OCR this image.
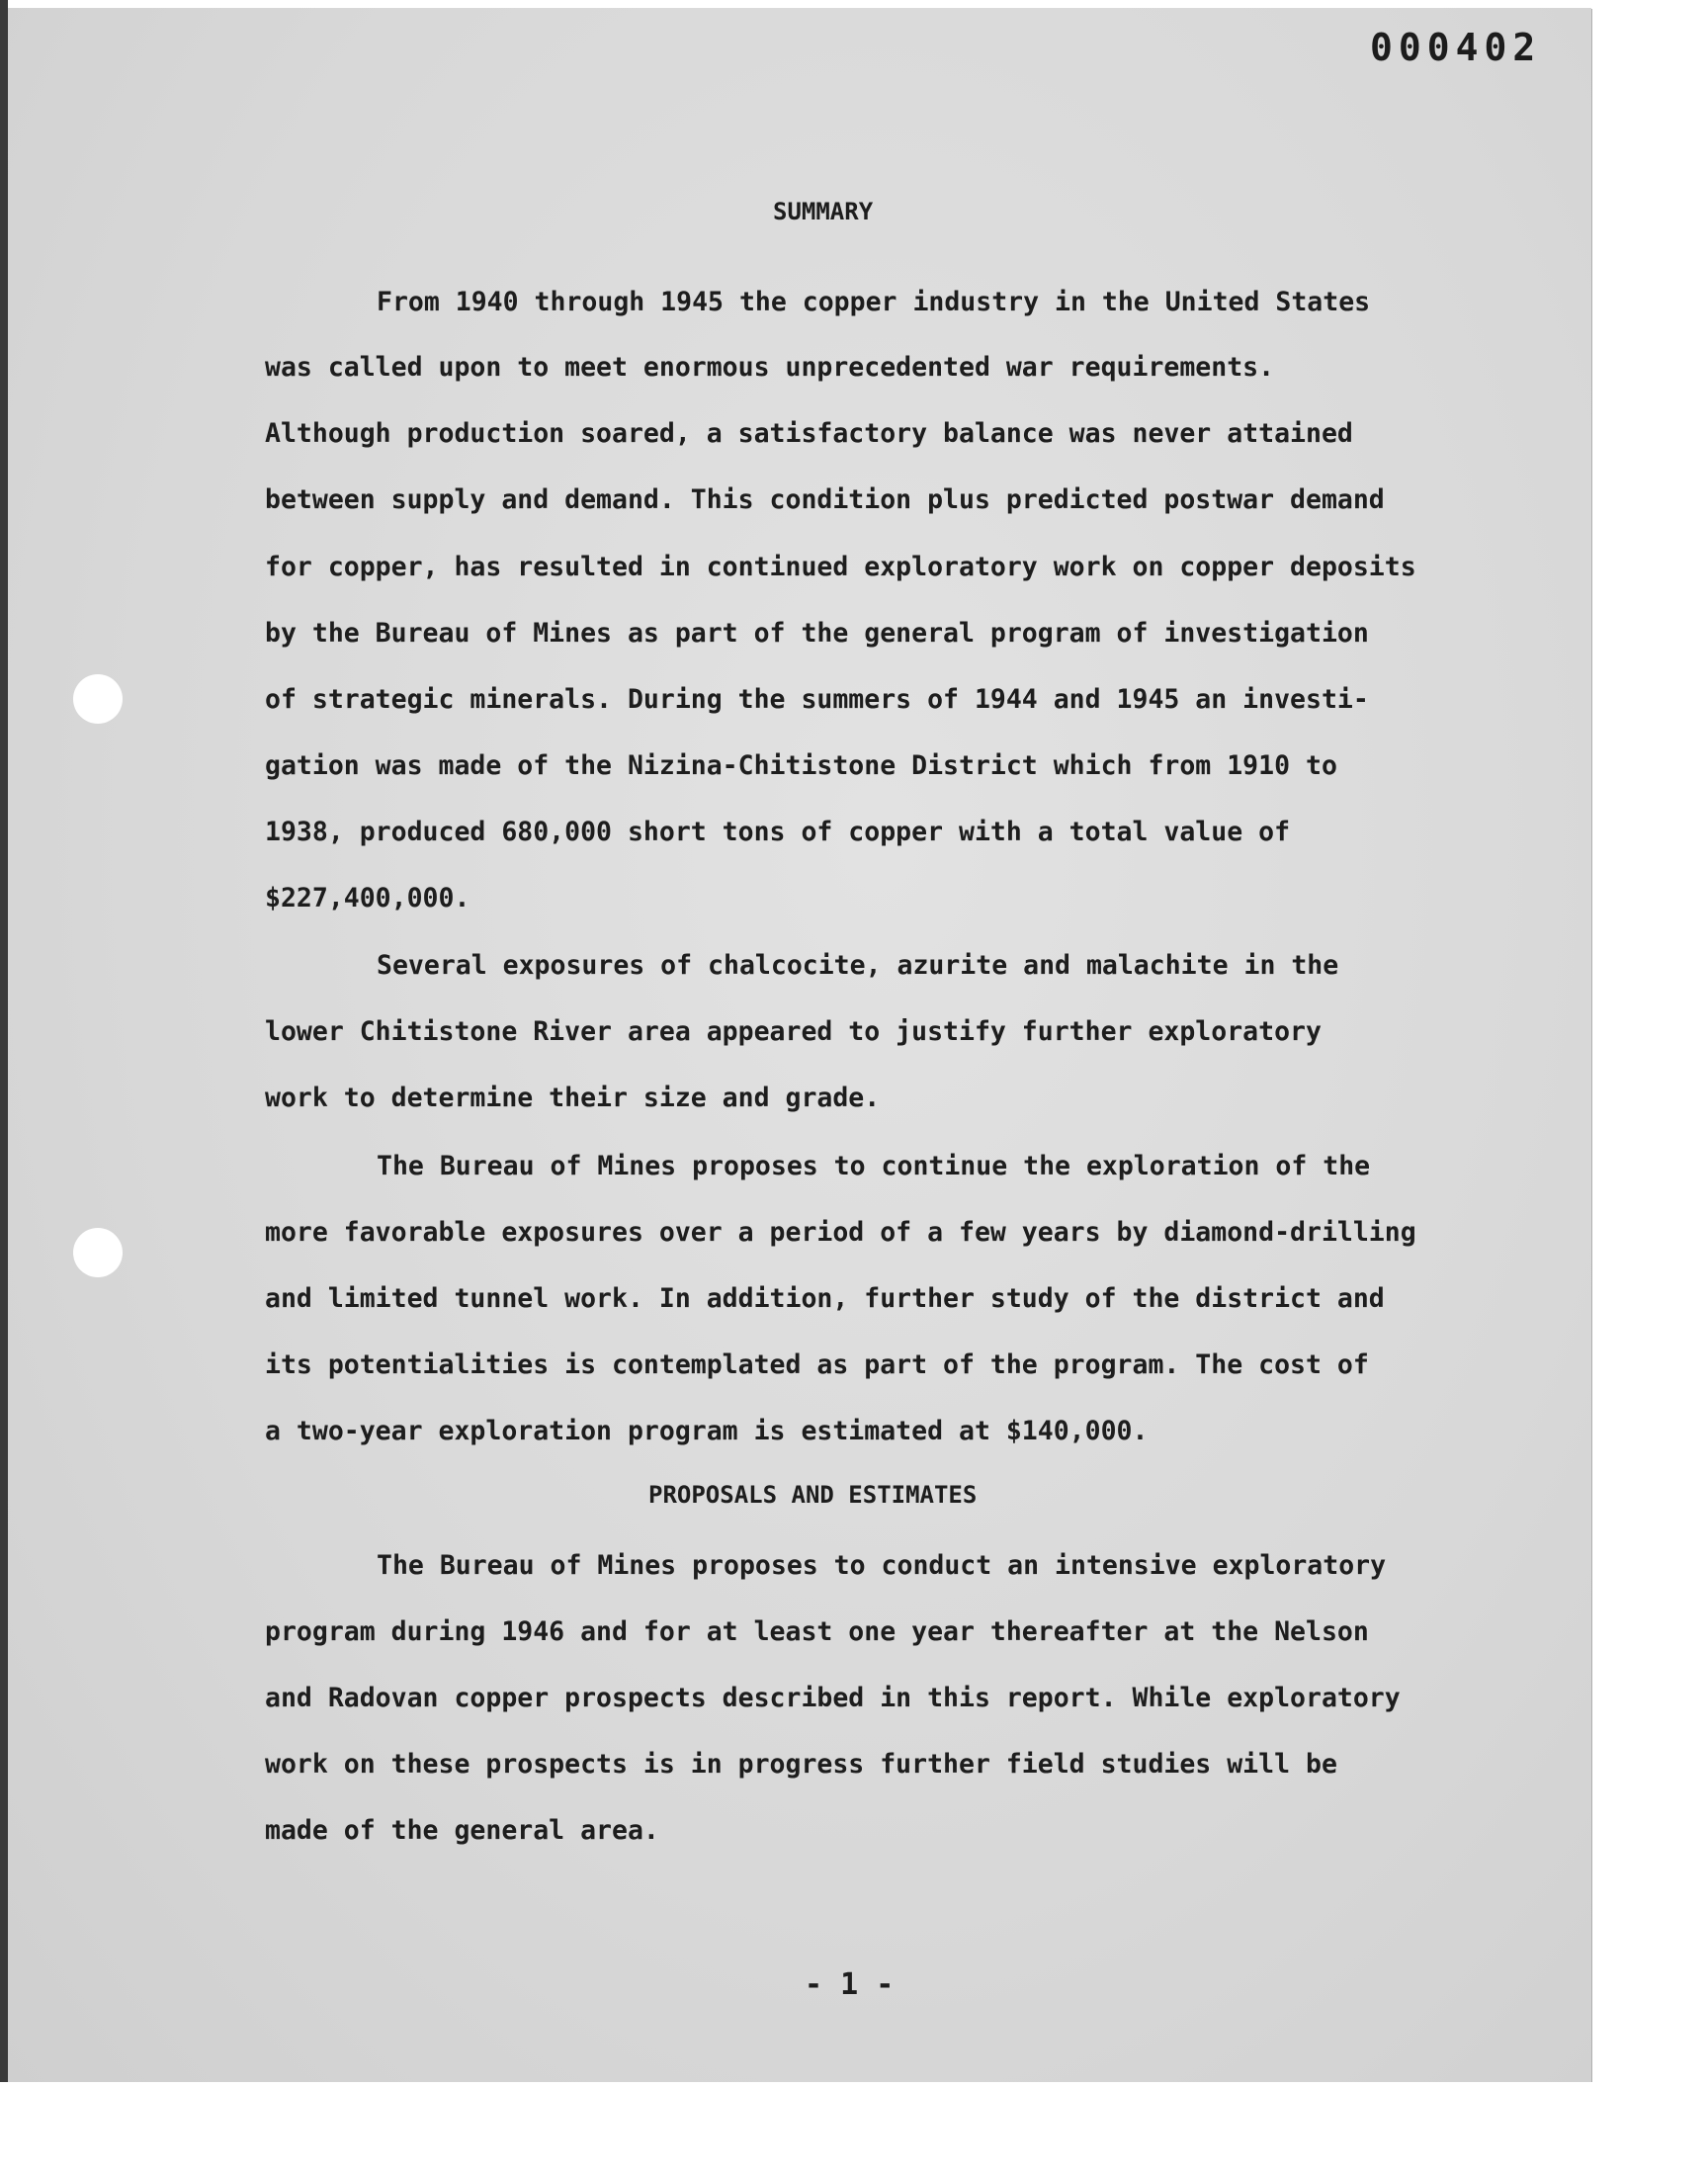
000402
SUMMARY
From 1940 through 1945 the copper industry in the United States
was called upon to meet enormous unprecedented war requirements.
Although production soared, a satisfactory balance was never attained
between supply and demand. This condition plus predicted postwar demand
for copper, has resulted in continued exploratory work on copper deposits
by the Bureau of Mines as part of the general program of investigation
of strategic minerals. During the summers of 1944 and 1945 an investi-
gation was made of the Nizina-Chitistone District which from 1910 to
1938, produced 680,000 short tons of copper with a total value of
$227,400,000.
Several exposures of chalcocite, azurite and malachite in the
lower Chitistone River area appeared to justify further exploratory
work to determine their size and grade.
The Bureau of Mines proposes to continue the exploration of the
more favorable exposures over a period of a few years by diamond-drilling
and limited tunnel work. In addition, further study of the district and
its potentialities is contemplated as part of the program. The cost of
a two-year exploration program is estimated at $140,000.
PROPOSALS AND ESTIMATES
The Bureau of Mines proposes to conduct an intensive exploratory
program during 1946 and for at least one year thereafter at the Nelson
and Radovan copper prospects described in this report. While exploratory
work on these prospects is in progress further field studies will be
made of the general area.
- 1 -
